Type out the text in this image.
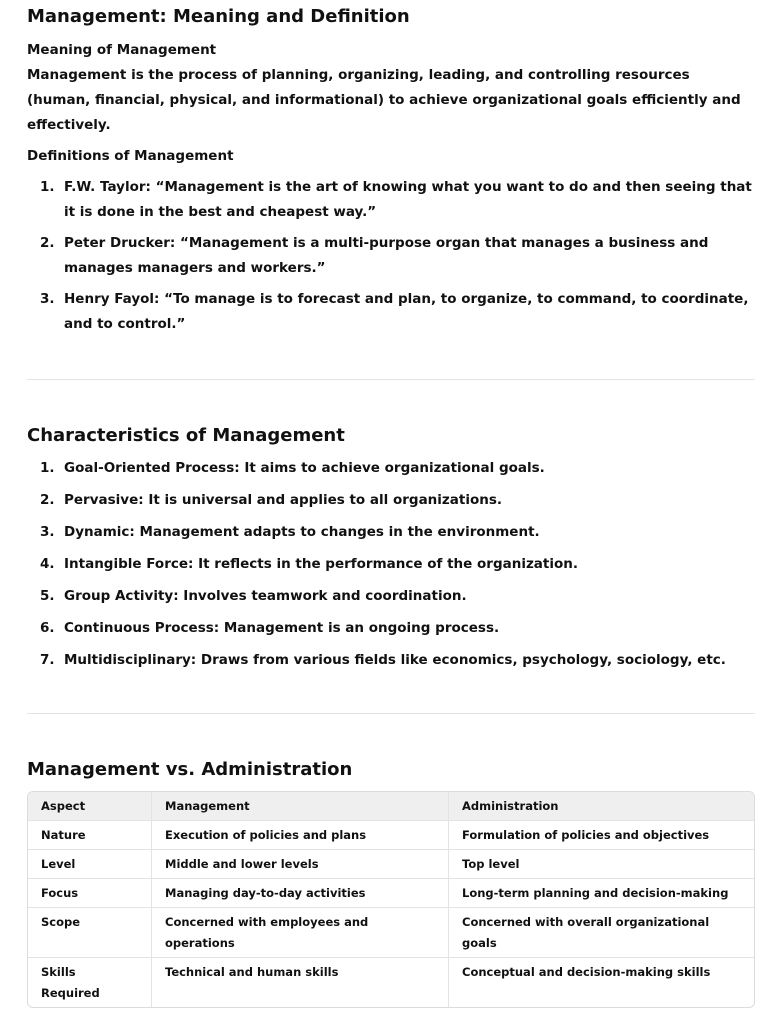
Management: Meaning and Definition

Meaning of Management

Management is the process of planning, organizing, leading, and controlling resources (human, financial, physical, and informational) to achieve organizational goals efficiently and effectively.

Definitions of Management

1. F.W. Taylor: “Management is the art of knowing what you want to do and then seeing that it is done in the best and cheapest way.”
2. Peter Drucker: “Management is a multi-purpose organ that manages a business and manages managers and workers.”
3. Henry Fayol: “To manage is to forecast and plan, to organize, to command, to coordinate, and to control.”
Characteristics of Management
1. Goal-Oriented Process: It aims to achieve organizational goals.
2. Pervasive: It is universal and applies to all organizations.
3. Dynamic: Management adapts to changes in the environment.
4. Intangible Force: It reflects in the performance of the organization.
5. Group Activity: Involves teamwork and coordination.
6. Continuous Process: Management is an ongoing process.
7. Multidisciplinary: Draws from various fields like economics, psychology, sociology, etc.
Management vs. Administration
Aspect	Management	Administration
Nature	Execution of policies and plans	Formulation of policies and objectives
Level	Middle and lower levels	Top level
Focus	Managing day-to-day activities	Long-term planning and decision-making
Scope	Concerned with employees and operations	Concerned with overall organizational goals
Skills Required	Technical and human skills	Conceptual and decision-making skills
